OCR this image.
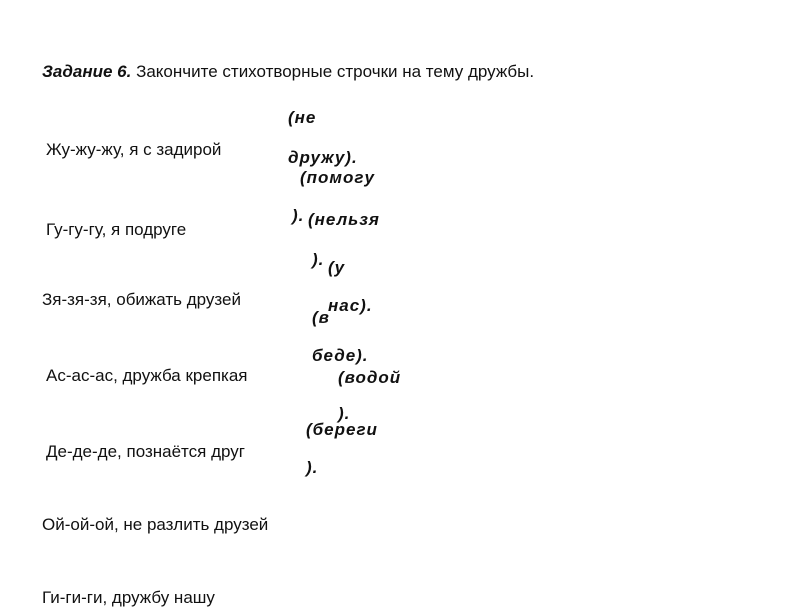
Задание 6. Закончите стихотворные строчки на тему дружбы.
Жу-жу-жу, я с задирой
Гу-гу-гу, я подруге
Зя-зя-зя, обижать друзей
Ас-ас-ас, дружба крепкая
Де-де-де, познаётся друг
Ой-ой-ой, не разлить друзей
Ги-ги-ги, дружбу нашу
(не
дружу).
(помогу
). (нельзя
). (у
нас).
(в
беде).
(водой
).
(береги
).
